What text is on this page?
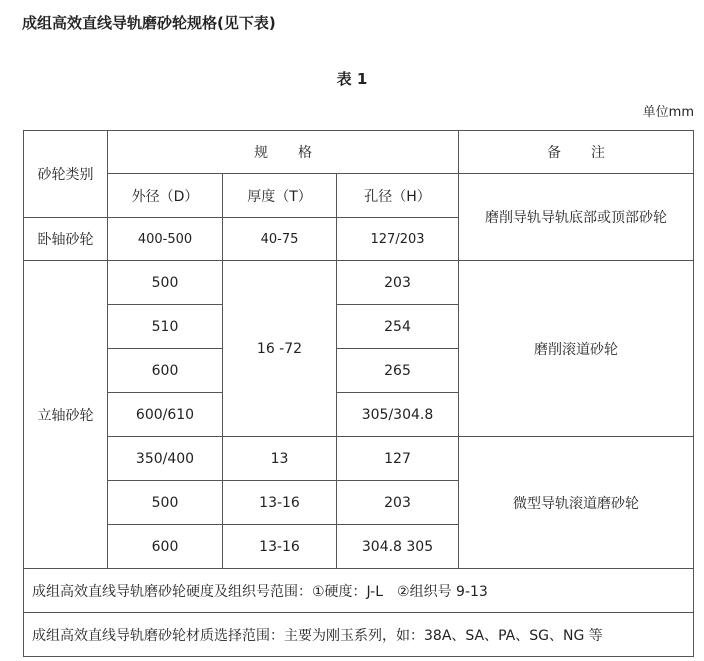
成组高效直线导轨磨砂轮规格(见下表)
表 1
单位mm
砂轮类别	规 格			备 注
	外径（D）	厚度（T）	孔径（H）	磨削导轨导轨底部或顶部砂轮
卧轴砂轮	400-500	40-75	127/203	
立轴砂轮	500	16 -72	203	磨削滚道砂轮
	510		254	
	600		265	
	600/610		305/304.8	
	350/400	13	127	微型导轨滚道磨砂轮
	500	13-16	203	
	600	13-16	304.8 305	
成组高效直线导轨磨砂轮硬度及组织号范围：①硬度：J-L　②组织号 9-13				
成组高效直线导轨磨砂轮材质选择范围：主要为刚玉系列，如：38A、SA、PA、SG、NG 等				
